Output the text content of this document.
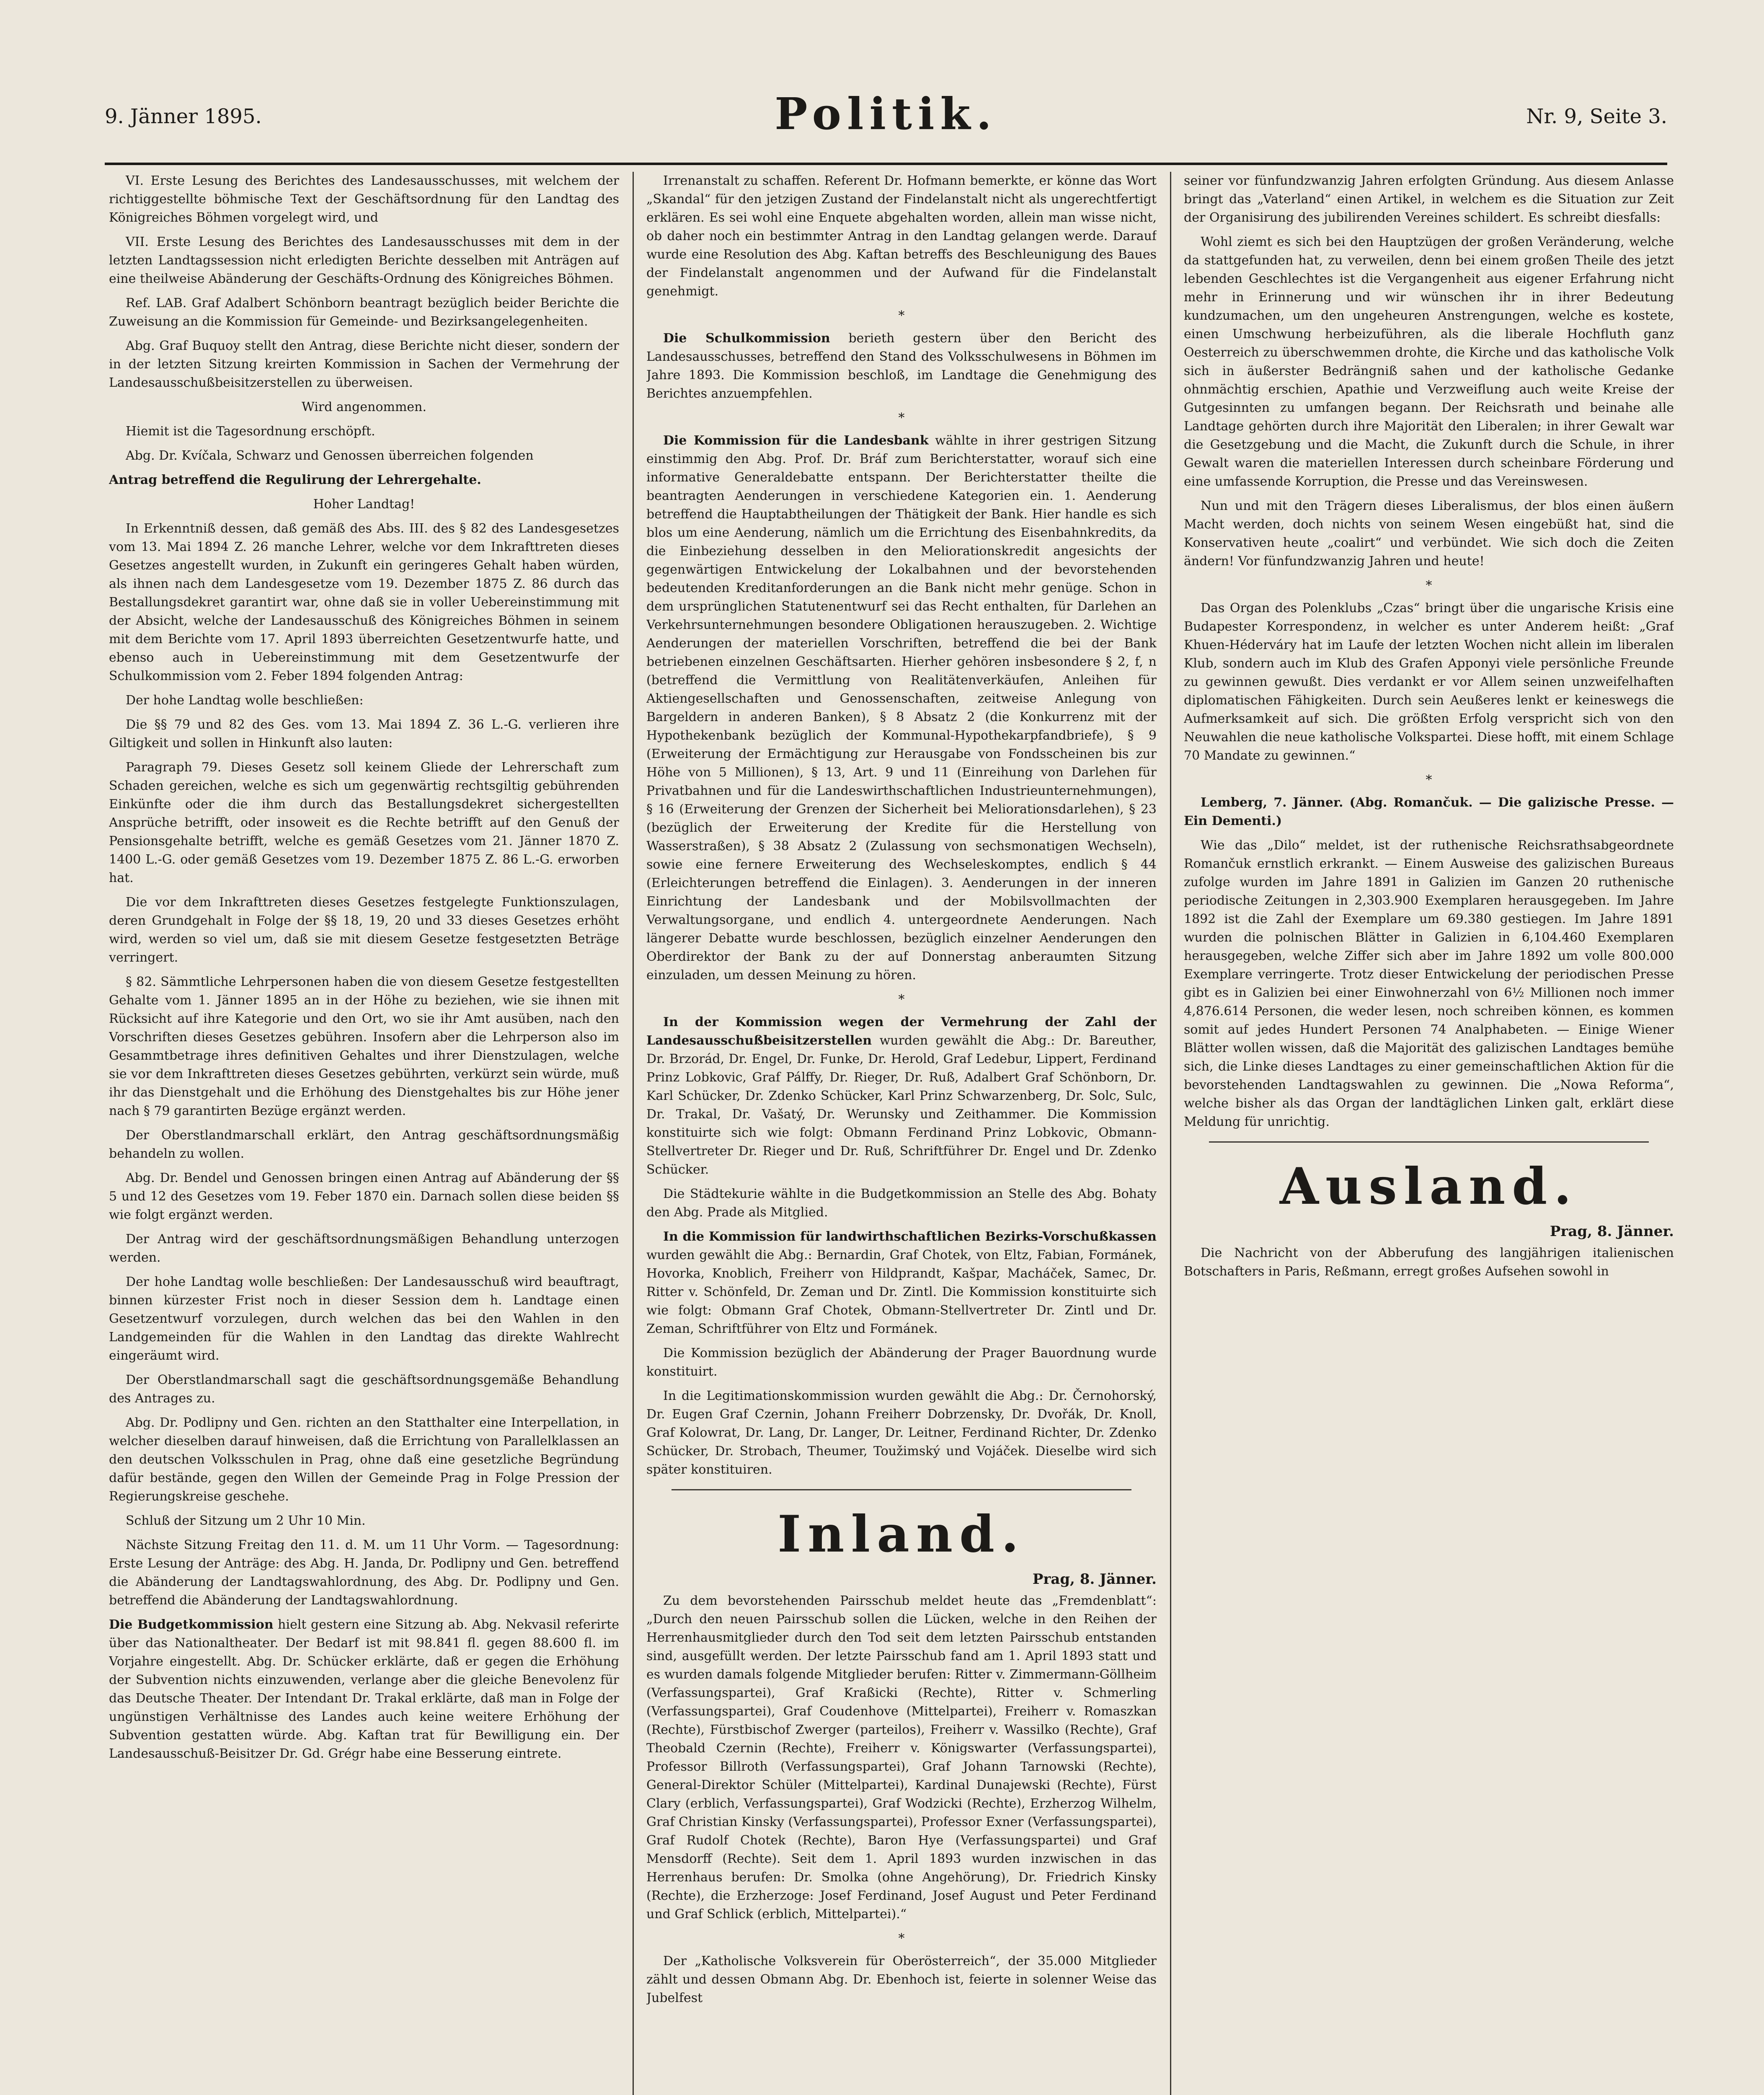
9. Jänner 1895.	Politik.	Nr. 9, Seite 3.

VI. Erste Lesung des Berichtes des Landesausschusses, mit welchem der richtiggestellte böhmische Text der Geschäftsordnung für den Landtag des Königreiches Böhmen vorgelegt wird, und

VII. Erste Lesung des Berichtes des Landesausschusses mit dem in der letzten Landtagssession nicht erledigten Berichte desselben mit Anträgen auf eine theilweise Abänderung der Geschäfts-Ordnung des Königreiches Böhmen.

Ref. LAB. Graf Adalbert Schönborn beantragt bezüglich beider Berichte die Zuweisung an die Kommission für Gemeinde- und Bezirksangelegenheiten.

Abg. Graf Buquoy stellt den Antrag, diese Berichte nicht dieser, sondern der in der letzten Sitzung kreirten Kommission in Sachen der Vermehrung der Landesausschußbeisitzerstellen zu überweisen.

Wird angenommen.

Hiemit ist die Tagesordnung erschöpft.

Abg. Dr. Kvíčala, Schwarz und Genossen überreichen folgenden

Antrag betreffend die Regulirung der Lehrergehalte.

Hoher Landtag!

In Erkenntniß dessen, daß gemäß des Abs. III. des § 82 des Landesgesetzes vom 13. Mai 1894 Z. 26 manche Lehrer, welche vor dem Inkrafttreten dieses Gesetzes angestellt wurden, in Zukunft ein geringeres Gehalt haben würden, als ihnen nach dem Landesgesetze vom 19. Dezember 1875 Z. 86 durch das Bestallungsdekret garantirt war, ohne daß sie in voller Uebereinstimmung mit der Absicht, welche der Landesausschuß des Königreiches Böhmen in seinem mit dem Berichte vom 17. April 1893 überreichten Gesetzentwurfe hatte, und ebenso auch in Uebereinstimmung mit dem Gesetzentwurfe der Schulkommission vom 2. Feber 1894 folgenden Antrag:

Der hohe Landtag wolle beschließen:

Die §§ 79 und 82 des Ges. vom 13. Mai 1894 Z. 36 L.-G. verlieren ihre Giltigkeit und sollen in Hinkunft also lauten:

Paragraph 79. Dieses Gesetz soll keinem Gliede der Lehrerschaft zum Schaden gereichen, welche es sich um gegenwärtig rechtsgiltig gebührenden Einkünfte oder die ihm durch das Bestallungsdekret sichergestellten Ansprüche betrifft, oder insoweit es die Rechte betrifft auf den Genuß der Pensionsgehalte betrifft, welche es gemäß Gesetzes vom 21. Jänner 1870 Z. 1400 L.-G. oder gemäß Gesetzes vom 19. Dezember 1875 Z. 86 L.-G. erworben hat.

Die vor dem Inkrafttreten dieses Gesetzes festgelegte Funktionszulagen, deren Grundgehalt in Folge der §§ 18, 19, 20 und 33 dieses Gesetzes erhöht wird, werden so viel um, daß sie mit diesem Gesetze festgesetzten Beträge verringert.

§ 82. Sämmtliche Lehrpersonen haben die von diesem Gesetze festgestellten Gehalte vom 1. Jänner 1895 an in der Höhe zu beziehen, wie sie ihnen mit Rücksicht auf ihre Kategorie und den Ort, wo sie ihr Amt ausüben, nach den Vorschriften dieses Gesetzes gebühren. Insofern aber die Lehrperson also im Gesammtbetrage ihres definitiven Gehaltes und ihrer Dienstzulagen, welche sie vor dem Inkrafttreten dieses Gesetzes gebührten, verkürzt sein würde, muß ihr das Dienstgehalt und die Erhöhung des Dienstgehaltes bis zur Höhe jener nach § 79 garantirten Bezüge ergänzt werden.

Der Oberstlandmarschall erklärt, den Antrag geschäftsordnungsmäßig behandeln zu wollen.

Abg. Dr. Bendel und Genossen bringen einen Antrag auf Abänderung der §§ 5 und 12 des Gesetzes vom 19. Feber 1870 ein. Darnach sollen diese beiden §§ wie folgt ergänzt werden.

Der Antrag wird der geschäftsordnungsmäßigen Behandlung unterzogen werden.

Der hohe Landtag wolle beschließen: Der Landesausschuß wird beauftragt, binnen kürzester Frist noch in dieser Session dem h. Landtage einen Gesetzentwurf vorzulegen, durch welchen das bei den Wahlen in den Landgemeinden für die Wahlen in den Landtag das direkte Wahlrecht eingeräumt wird.

Der Oberstlandmarschall sagt die geschäftsordnungsgemäße Behandlung des Antrages zu.

Abg. Dr. Podlipny und Gen. richten an den Statthalter eine Interpellation, in welcher dieselben darauf hinweisen, daß die Errichtung von Parallelklassen an den deutschen Volksschulen in Prag, ohne daß eine gesetzliche Begründung dafür bestände, gegen den Willen der Gemeinde Prag in Folge Pression der Regierungskreise geschehe.

Schluß der Sitzung um 2 Uhr 10 Min.

Nächste Sitzung Freitag den 11. d. M. um 11 Uhr Vorm. — Tagesordnung: Erste Lesung der Anträge: des Abg. H. Janda, Dr. Podlipny und Gen. betreffend die Abänderung der Landtagswahlordnung, des Abg. Dr. Podlipny und Gen. betreffend die Abänderung der Landtagswahlordnung.

Die Budgetkommission hielt gestern eine Sitzung ab. Abg. Nekvasil referirte über das Nationaltheater. Der Bedarf ist mit 98.841 fl. gegen 88.600 fl. im Vorjahre eingestellt. Abg. Dr. Schücker erklärte, daß er gegen die Erhöhung der Subvention nichts einzuwenden, verlange aber die gleiche Benevolenz für das Deutsche Theater. Der Intendant Dr. Trakal erklärte, daß man in Folge der ungünstigen Verhältnisse des Landes auch keine weitere Erhöhung der Subvention gestatten würde. Abg. Kaftan trat für Bewilligung ein. Der Landesausschuß-Beisitzer Dr. Gd. Grégr habe eine Besserung eintrete.

Irrenanstalt zu schaffen. Referent Dr. Hofmann bemerkte, er könne das Wort „Skandal“ für den jetzigen Zustand der Findelanstalt nicht als ungerechtfertigt erklären. Es sei wohl eine Enquete abgehalten worden, allein man wisse nicht, ob daher noch ein bestimmter Antrag in den Landtag gelangen werde. Darauf wurde eine Resolution des Abg. Kaftan betreffs des Beschleunigung des Baues der Findelanstalt angenommen und der Aufwand für die Findelanstalt genehmigt.

*

Die Schulkommission berieth gestern über den Bericht des Landesausschusses, betreffend den Stand des Volksschulwesens in Böhmen im Jahre 1893. Die Kommission beschloß, im Landtage die Genehmigung des Berichtes anzuempfehlen.

*

Die Kommission für die Landesbank wählte in ihrer gestrigen Sitzung einstimmig den Abg. Prof. Dr. Bráf zum Berichterstatter, worauf sich eine informative Generaldebatte entspann. Der Berichterstatter theilte die beantragten Aenderungen in verschiedene Kategorien ein. 1. Aenderung betreffend die Hauptabtheilungen der Thätigkeit der Bank. Hier handle es sich blos um eine Aenderung, nämlich um die Errichtung des Eisenbahnkredits, da die Einbeziehung desselben in den Meliorationskredit angesichts der gegenwärtigen Entwickelung der Lokalbahnen und der bevorstehenden bedeutenden Kreditanforderungen an die Bank nicht mehr genüge. Schon in dem ursprünglichen Statutenentwurf sei das Recht enthalten, für Darlehen an Verkehrsunternehmungen besondere Obligationen herauszugeben. 2. Wichtige Aenderungen der materiellen Vorschriften, betreffend die bei der Bank betriebenen einzelnen Geschäftsarten. Hierher gehören insbesondere § 2, f, n (betreffend die Vermittlung von Realitätenverkäufen, Anleihen für Aktiengesellschaften und Genossenschaften, zeitweise Anlegung von Bargeldern in anderen Banken), § 8 Absatz 2 (die Konkurrenz mit der Hypothekenbank bezüglich der Kommunal-Hypothekarpfandbriefe), § 9 (Erweiterung der Ermächtigung zur Herausgabe von Fondsscheinen bis zur Höhe von 5 Millionen), § 13, Art. 9 und 11 (Einreihung von Darlehen für Privatbahnen und für die Landeswirthschaftlichen Industrieunternehmungen), § 16 (Erweiterung der Grenzen der Sicherheit bei Meliorationsdarlehen), § 23 (bezüglich der Erweiterung der Kredite für die Herstellung von Wasserstraßen), § 38 Absatz 2 (Zulassung von sechsmonatigen Wechseln), sowie eine fernere Erweiterung des Wechseleskomptes, endlich § 44 (Erleichterungen betreffend die Einlagen). 3. Aenderungen in der inneren Einrichtung der Landesbank und der Mobilsvollmachten der Verwaltungsorgane, und endlich 4. untergeordnete Aenderungen. Nach längerer Debatte wurde beschlossen, bezüglich einzelner Aenderungen den Oberdirektor der Bank zu der auf Donnerstag anberaumten Sitzung einzuladen, um dessen Meinung zu hören.

*

In der Kommission wegen der Vermehrung der Zahl der Landesausschußbeisitzerstellen wurden gewählt die Abg.: Dr. Bareuther, Dr. Brzorád, Dr. Engel, Dr. Funke, Dr. Herold, Graf Ledebur, Lippert, Ferdinand Prinz Lobkovic, Graf Pálffy, Dr. Rieger, Dr. Ruß, Adalbert Graf Schönborn, Dr. Karl Schücker, Dr. Zdenko Schücker, Karl Prinz Schwarzenberg, Dr. Solc, Sulc, Dr. Trakal, Dr. Vašatý, Dr. Werunsky und Zeithammer. Die Kommission konstituirte sich wie folgt: Obmann Ferdinand Prinz Lobkovic, Obmann-Stellvertreter Dr. Rieger und Dr. Ruß, Schriftführer Dr. Engel und Dr. Zdenko Schücker.

Die Städtekurie wählte in die Budgetkommission an Stelle des Abg. Bohaty den Abg. Prade als Mitglied.

In die Kommission für landwirthschaftlichen Bezirks-Vorschußkassen wurden gewählt die Abg.: Bernardin, Graf Chotek, von Eltz, Fabian, Formánek, Hovorka, Knoblich, Freiherr von Hildprandt, Kašpar, Macháček, Samec, Dr. Ritter v. Schönfeld, Dr. Zeman und Dr. Zintl. Die Kommission konstituirte sich wie folgt: Obmann Graf Chotek, Obmann-Stellvertreter Dr. Zintl und Dr. Zeman, Schriftführer von Eltz und Formánek.

Die Kommission bezüglich der Abänderung der Prager Bauordnung wurde konstituirt.

In die Legitimationskommission wurden gewählt die Abg.: Dr. Černohorský, Dr. Eugen Graf Czernin, Johann Freiherr Dobrzensky, Dr. Dvořák, Dr. Knoll, Graf Kolowrat, Dr. Lang, Dr. Langer, Dr. Leitner, Ferdinand Richter, Dr. Zdenko Schücker, Dr. Strobach, Theumer, Toužimský und Vojáček. Dieselbe wird sich später konstituiren.

Inland.
Prag, 8. Jänner.

Zu dem bevorstehenden Pairsschub meldet heute das „Fremdenblatt“: „Durch den neuen Pairsschub sollen die Lücken, welche in den Reihen der Herrenhausmitglieder durch den Tod seit dem letzten Pairsschub entstanden sind, ausgefüllt werden. Der letzte Pairsschub fand am 1. April 1893 statt und es wurden damals folgende Mitglieder berufen: Ritter v. Zimmermann-Göllheim (Verfassungspartei), Graf Kraßicki (Rechte), Ritter v. Schmerling (Verfassungspartei), Graf Coudenhove (Mittelpartei), Freiherr v. Romaszkan (Rechte), Fürstbischof Zwerger (parteilos), Freiherr v. Wassilko (Rechte), Graf Theobald Czernin (Rechte), Freiherr v. Königswarter (Verfassungspartei), Professor Billroth (Verfassungspartei), Graf Johann Tarnowski (Rechte), General-Direktor Schüler (Mittelpartei), Kardinal Dunajewski (Rechte), Fürst Clary (erblich, Verfassungspartei), Graf Wodzicki (Rechte), Erzherzog Wilhelm, Graf Christian Kinsky (Verfassungspartei), Professor Exner (Verfassungspartei), Graf Rudolf Chotek (Rechte), Baron Hye (Verfassungspartei) und Graf Mensdorff (Rechte). Seit dem 1. April 1893 wurden inzwischen in das Herrenhaus berufen: Dr. Smolka (ohne Angehörung), Dr. Friedrich Kinsky (Rechte), die Erzherzoge: Josef Ferdinand, Josef August und Peter Ferdinand und Graf Schlick (erblich, Mittelpartei).“

*

Der „Katholische Volksverein für Oberösterreich“, der 35.000 Mitglieder zählt und dessen Obmann Abg. Dr. Ebenhoch ist, feierte in solenner Weise das Jubelfest

seiner vor fünfundzwanzig Jahren erfolgten Gründung. Aus diesem Anlasse bringt das „Vaterland“ einen Artikel, in welchem es die Situation zur Zeit der Organisirung des jubilirenden Vereines schildert. Es schreibt diesfalls:

Wohl ziemt es sich bei den Hauptzügen der großen Veränderung, welche da stattgefunden hat, zu verweilen, denn bei einem großen Theile des jetzt lebenden Geschlechtes ist die Vergangenheit aus eigener Erfahrung nicht mehr in Erinnerung und wir wünschen ihr in ihrer Bedeutung kundzumachen, um den ungeheuren Anstrengungen, welche es kostete, einen Umschwung herbeizuführen, als die liberale Hochfluth ganz Oesterreich zu überschwemmen drohte, die Kirche und das katholische Volk sich in äußerster Bedrängniß sahen und der katholische Gedanke ohnmächtig erschien, Apathie und Verzweiflung auch weite Kreise der Gutgesinnten zu umfangen begann. Der Reichsrath und beinahe alle Landtage gehörten durch ihre Majorität den Liberalen; in ihrer Gewalt war die Gesetzgebung und die Macht, die Zukunft durch die Schule, in ihrer Gewalt waren die materiellen Interessen durch scheinbare Förderung und eine umfassende Korruption, die Presse und das Vereinswesen.

Nun und mit den Trägern dieses Liberalismus, der blos einen äußern Macht werden, doch nichts von seinem Wesen eingebüßt hat, sind die Konservativen heute „coalirt“ und verbündet. Wie sich doch die Zeiten ändern! Vor fünfundzwanzig Jahren und heute!

*

Das Organ des Polenklubs „Czas“ bringt über die ungarische Krisis eine Budapester Korrespondenz, in welcher es unter Anderem heißt: „Graf Khuen-Héderváry hat im Laufe der letzten Wochen nicht allein im liberalen Klub, sondern auch im Klub des Grafen Apponyi viele persönliche Freunde zu gewinnen gewußt. Dies verdankt er vor Allem seinen unzweifelhaften diplomatischen Fähigkeiten. Durch sein Aeußeres lenkt er keineswegs die Aufmerksamkeit auf sich. Die größten Erfolg verspricht sich von den Neuwahlen die neue katholische Volkspartei. Diese hofft, mit einem Schlage 70 Mandate zu gewinnen.“

*

Lemberg, 7. Jänner. (Abg. Romančuk. — Die galizische Presse. — Ein Dementi.)

Wie das „Dilo“ meldet, ist der ruthenische Reichsrathsabgeordnete Romančuk ernstlich erkrankt. — Einem Ausweise des galizischen Bureaus zufolge wurden im Jahre 1891 in Galizien im Ganzen 20 ruthenische periodische Zeitungen in 2,303.900 Exemplaren herausgegeben. Im Jahre 1892 ist die Zahl der Exemplare um 69.380 gestiegen. Im Jahre 1891 wurden die polnischen Blätter in Galizien in 6,104.460 Exemplaren herausgegeben, welche Ziffer sich aber im Jahre 1892 um volle 800.000 Exemplare verringerte. Trotz dieser Entwickelung der periodischen Presse gibt es in Galizien bei einer Einwohnerzahl von 6½ Millionen noch immer 4,876.614 Personen, die weder lesen, noch schreiben können, es kommen somit auf jedes Hundert Personen 74 Analphabeten. — Einige Wiener Blätter wollen wissen, daß die Majorität des galizischen Landtages bemühe sich, die Linke dieses Landtages zu einer gemeinschaftlichen Aktion für die bevorstehenden Landtagswahlen zu gewinnen. Die „Nowa Reforma“, welche bisher als das Organ der landtäglichen Linken galt, erklärt diese Meldung für unrichtig.

Ausland.
Prag, 8. Jänner.

Die Nachricht von der Abberufung des langjährigen italienischen Botschafters in Paris, Reßmann, erregt großes Aufsehen sowohl in
